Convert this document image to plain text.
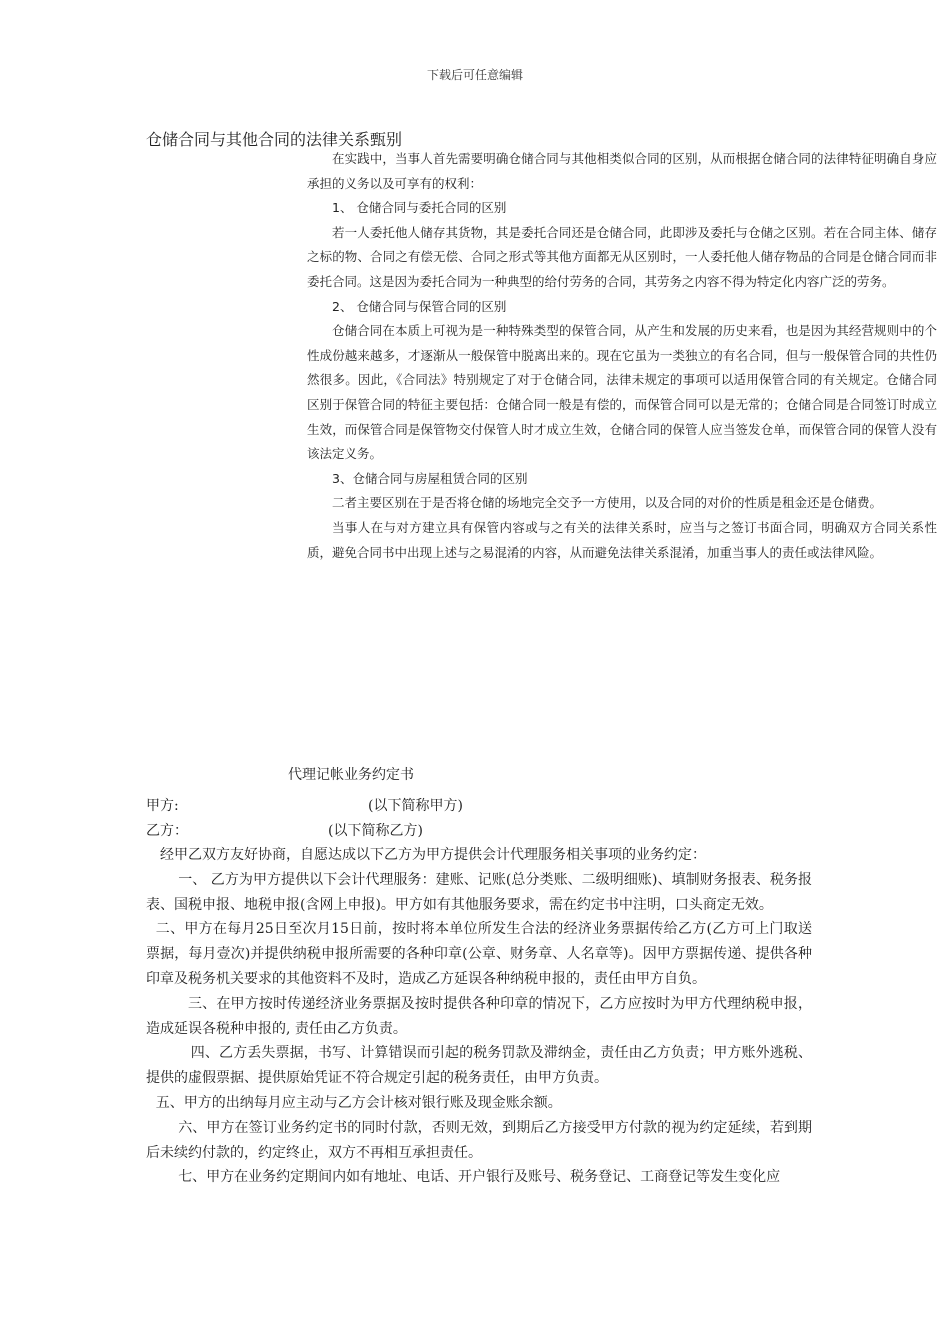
下载后可任意编辑
仓储合同与其他合同的法律关系甄别

在实践中，当事人首先需要明确仓储合同与其他相类似合同的区别，从而根据仓储合同的法律特征明确自身应承担的义务以及可享有的权利：

1、 仓储合同与委托合同的区别

若一人委托他人储存其货物，其是委托合同还是仓储合同，此即涉及委托与仓储之区别。若在合同主体、储存之标的物、合同之有偿无偿、合同之形式等其他方面都无从区别时，一人委托他人储存物品的合同是仓储合同而非委托合同。这是因为委托合同为一种典型的给付劳务的合同，其劳务之内容不得为特定化内容广泛的劳务。

2、 仓储合同与保管合同的区别

仓储合同在本质上可视为是一种特殊类型的保管合同，从产生和发展的历史来看，也是因为其经营规则中的个性成份越来越多，才逐渐从一般保管中脱离出来的。现在它虽为一类独立的有名合同，但与一般保管合同的共性仍然很多。因此，《合同法》特别规定了对于仓储合同，法律未规定的事项可以适用保管合同的有关规定。仓储合同区别于保管合同的特征主要包括：仓储合同一般是有偿的，而保管合同可以是无常的；仓储合同是合同签订时成立生效，而保管合同是保管物交付保管人时才成立生效，仓储合同的保管人应当签发仓单，而保管合同的保管人没有该法定义务。

3、仓储合同与房屋租赁合同的区别

二者主要区别在于是否将仓储的场地完全交予一方使用，以及合同的对价的性质是租金还是仓储费。

当事人在与对方建立具有保管内容或与之有关的法律关系时，应当与之签订书面合同，明确双方合同关系性质，避免合同书中出现上述与之易混淆的内容，从而避免法律关系混淆，加重当事人的责任或法律风险。

代理记帐业务约定书
甲方:	(以下简称甲方)
乙方：	(以下简称乙方)

经甲乙双方友好协商，自愿达成以下乙方为甲方提供会计代理服务相关事项的业务约定：

一、 乙方为甲方提供以下会计代理服务：建账、记账(总分类账、二级明细账)、填制财务报表、税务报表、国税申报、地税申报(含网上申报)。甲方如有其他服务要求，需在约定书中注明，口头商定无效。

二、甲方在每月25日至次月15日前，按时将本单位所发生合法的经济业务票据传给乙方(乙方可上门取送票据，每月壹次)并提供纳税申报所需要的各种印章(公章、财务章、人名章等)。因甲方票据传递、提供各种印章及税务机关要求的其他资料不及时，造成乙方延误各种纳税申报的，责任由甲方自负。

三、在甲方按时传递经济业务票据及按时提供各种印章的情况下，乙方应按时为甲方代理纳税申报，造成延误各税种申报的, 责任由乙方负责。

四、乙方丢失票据，书写、计算错误而引起的税务罚款及滞纳金，责任由乙方负责；甲方账外逃税、提供的虚假票据、提供原始凭证不符合规定引起的税务责任，由甲方负责。

五、甲方的出纳每月应主动与乙方会计核对银行账及现金账余额。

六、甲方在签订业务约定书的同时付款，否则无效，到期后乙方接受甲方付款的视为约定延续，若到期后未续约付款的，约定终止，双方不再相互承担责任。

七、甲方在业务约定期间内如有地址、电话、开户银行及账号、税务登记、工商登记等发生变化应
